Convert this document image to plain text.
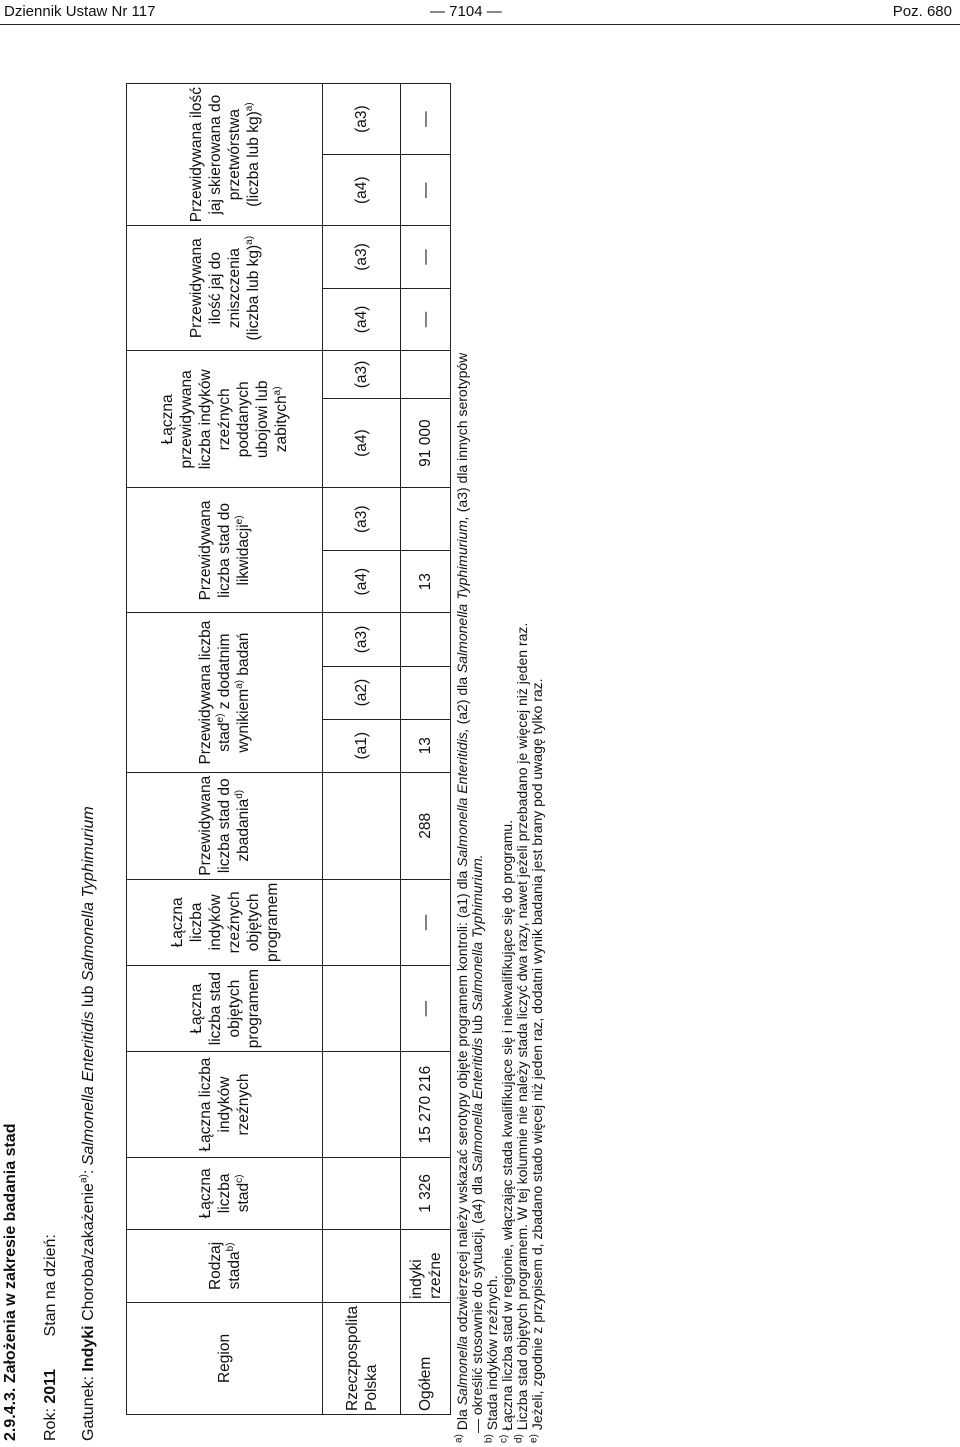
Dziennik Ustaw Nr 117	— 7104 —	Poz. 680
2.9.4.3. Założenia w zakresie badania stad Rok: 2011 Stan na dzień:
Gatunek: Indyki Choroba/zakażenie$^{a)}$: Salmonella Enteritidis lub Salmonella Typhimurium
Region	Rodzaj stada$^{b)}$	Łączna liczba stad$^{c)}$	Łączna liczba indyków rzeźnych	Łączna liczba stad objętych programem	Łączna liczba indyków rzeźnych objętych programem	Przewidywana liczba stad do zbadania$^{d)}$	Przewidywana liczba stad$^{e)}$ z dodatnim wynikiem$^{a)}$ badań			Przewidywana liczba stad do likwidacji$^{e)}$		Łączna przewidywana liczba indyków rzeźnych poddanych ubojowi lub zabitych$^{a)}$		Przewidywana ilość jaj do zniszczenia (liczba lub kg)$^{a)}$		Przewidywana ilość jaj skierowana do przetwórstwa (liczba lub kg)$^{a)}$
Rzeczpospolita Polska							(a1)	(a2)	(a3)	(a4)	(a3)	(a4)	(a3)	(a4)	(a3)	(a4)	(a3)
Ogółem	indyki rzeźne	1 326	15 270 216	—	—	288	13			13		91 000		—	—	—	—
$^{a)}$ Dla Salmonella odzwierzęcej należy wskazać serotypy objęte programem kontroli: (a1) dla Salmonella Enteritidis, (a2) dla Salmonella Typhimurium, (a3) dla innych serotypów
— określić stosownie do sytuacji, (a4) dla Salmonella Enteritidis lub Salmonella Typhimurium.
$^{b)}$ Stada indyków rzeźnych.
$^{c)}$ Łączna liczba stad w regionie, włączając stada kwalifikujące się i niekwalifikujące się do programu.
$^{d)}$ Liczba stad objętych programem. W tej kolumnie nie należy stada liczyć dwa razy, nawet jeżeli przebadano je więcej niż jeden raz.
$^{e)}$ Jeżeli, zgodnie z przypisem d, zbadano stado więcej niż jeden raz, dodatni wynik badania jest brany pod uwagę tylko raz.
